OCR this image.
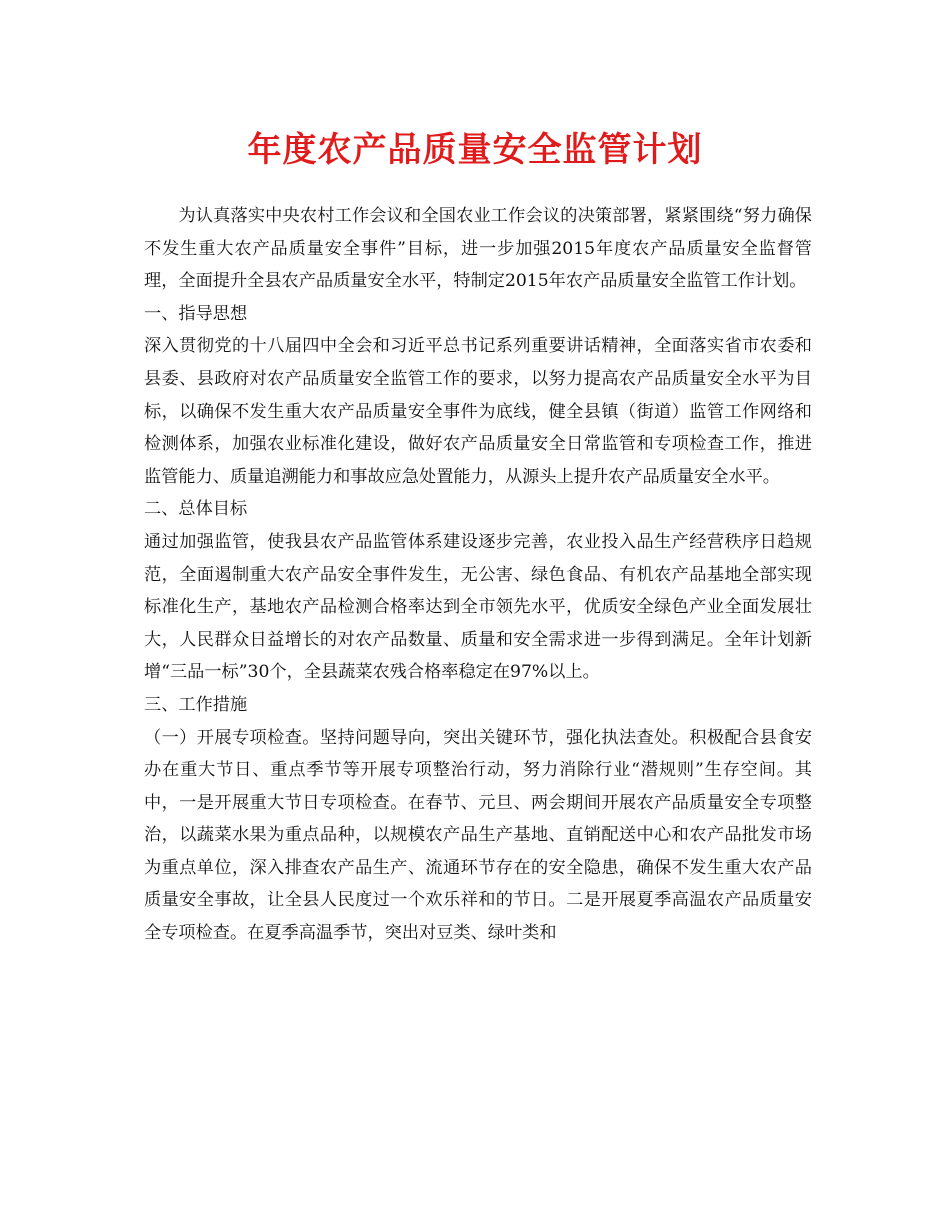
年度农产品质量安全监管计划

为认真落实中央农村工作会议和全国农业工作会议的决策部署，紧紧围绕“努力确保不发生重大农产品质量安全事件”目标，进一步加强2015年度农产品质量安全监督管理，全面提升全县农产品质量安全水平，特制定2015年农产品质量安全监管工作计划。

一、指导思想

深入贯彻党的十八届四中全会和习近平总书记系列重要讲话精神，全面落实省市农委和县委、县政府对农产品质量安全监管工作的要求，以努力提高农产品质量安全水平为目标，以确保不发生重大农产品质量安全事件为底线，健全县镇（街道）监管工作网络和检测体系，加强农业标准化建设，做好农产品质量安全日常监管和专项检查工作，推进监管能力、质量追溯能力和事故应急处置能力，从源头上提升农产品质量安全水平。

二、总体目标

通过加强监管，使我县农产品监管体系建设逐步完善，农业投入品生产经营秩序日趋规范，全面遏制重大农产品安全事件发生，无公害、绿色食品、有机农产品基地全部实现标准化生产，基地农产品检测合格率达到全市领先水平，优质安全绿色产业全面发展壮大，人民群众日益增长的对农产品数量、质量和安全需求进一步得到满足。全年计划新增“三品一标”30个，全县蔬菜农残合格率稳定在97%以上。

三、工作措施

（一）开展专项检查。坚持问题导向，突出关键环节，强化执法查处。积极配合县食安办在重大节日、重点季节等开展专项整治行动，努力消除行业“潜规则”生存空间。其中，一是开展重大节日专项检查。在春节、元旦、两会期间开展农产品质量安全专项整治，以蔬菜水果为重点品种，以规模农产品生产基地、直销配送中心和农产品批发市场为重点单位，深入排查农产品生产、流通环节存在的安全隐患，确保不发生重大农产品质量安全事故，让全县人民度过一个欢乐祥和的节日。二是开展夏季高温农产品质量安全专项检查。在夏季高温季节，突出对豆类、绿叶类和
